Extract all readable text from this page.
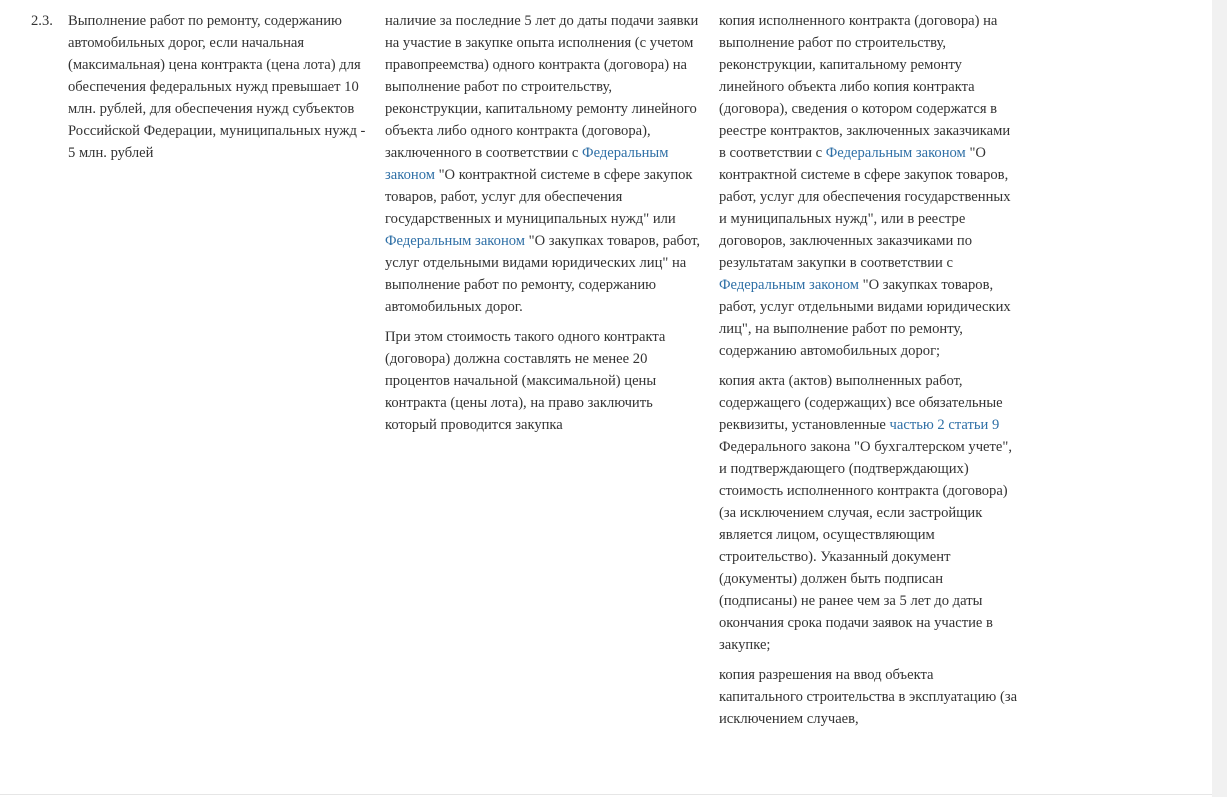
2.3.	Выполнение работ по ремонту, содержанию автомобильных дорог, если начальная (максимальная) цена контракта (цена лота) для обеспечения федеральных нужд превышает 10 млн. рублей, для обеспечения нужд субъектов Российской Федерации, муниципальных нужд - 5 млн. рублей

наличие за последние 5 лет до даты подачи заявки на участие в закупке опыта исполнения (с учетом правопреемства) одного контракта (договора) на выполнение работ по строительству, реконструкции, капитальному ремонту линейного объекта либо одного контракта (договора), заключенного в соответствии с Федеральным законом "О контрактной системе в сфере закупок товаров, работ, услуг для обеспечения государственных и муниципальных нужд" или Федеральным законом "О закупках товаров, работ, услуг отдельными видами юридических лиц" на выполнение работ по ремонту, содержанию автомобильных дорог.

При этом стоимость такого одного контракта (договора) должна составлять не менее 20 процентов начальной (максимальной) цены контракта (цены лота), на право заключить который проводится закупка

копия исполненного контракта (договора) на выполнение работ по строительству, реконструкции, капитальному ремонту линейного объекта либо копия контракта (договора), сведения о котором содержатся в реестре контрактов, заключенных заказчиками в соответствии с Федеральным законом "О контрактной системе в сфере закупок товаров, работ, услуг для обеспечения государственных и муниципальных нужд", или в реестре договоров, заключенных заказчиками по результатам закупки в соответствии с Федеральным законом "О закупках товаров, работ, услуг отдельными видами юридических лиц", на выполнение работ по ремонту, содержанию автомобильных дорог;

копия акта (актов) выполненных работ, содержащего (содержащих) все обязательные реквизиты, установленные частью 2 статьи 9 Федерального закона "О бухгалтерском учете", и подтверждающего (подтверждающих) стоимость исполненного контракта (договора) (за исключением случая, если застройщик является лицом, осуществляющим строительство). Указанный документ (документы) должен быть подписан (подписаны) не ранее чем за 5 лет до даты окончания срока подачи заявок на участие в закупке;

копия разрешения на ввод объекта капитального строительства в эксплуатацию (за исключением случаев,
